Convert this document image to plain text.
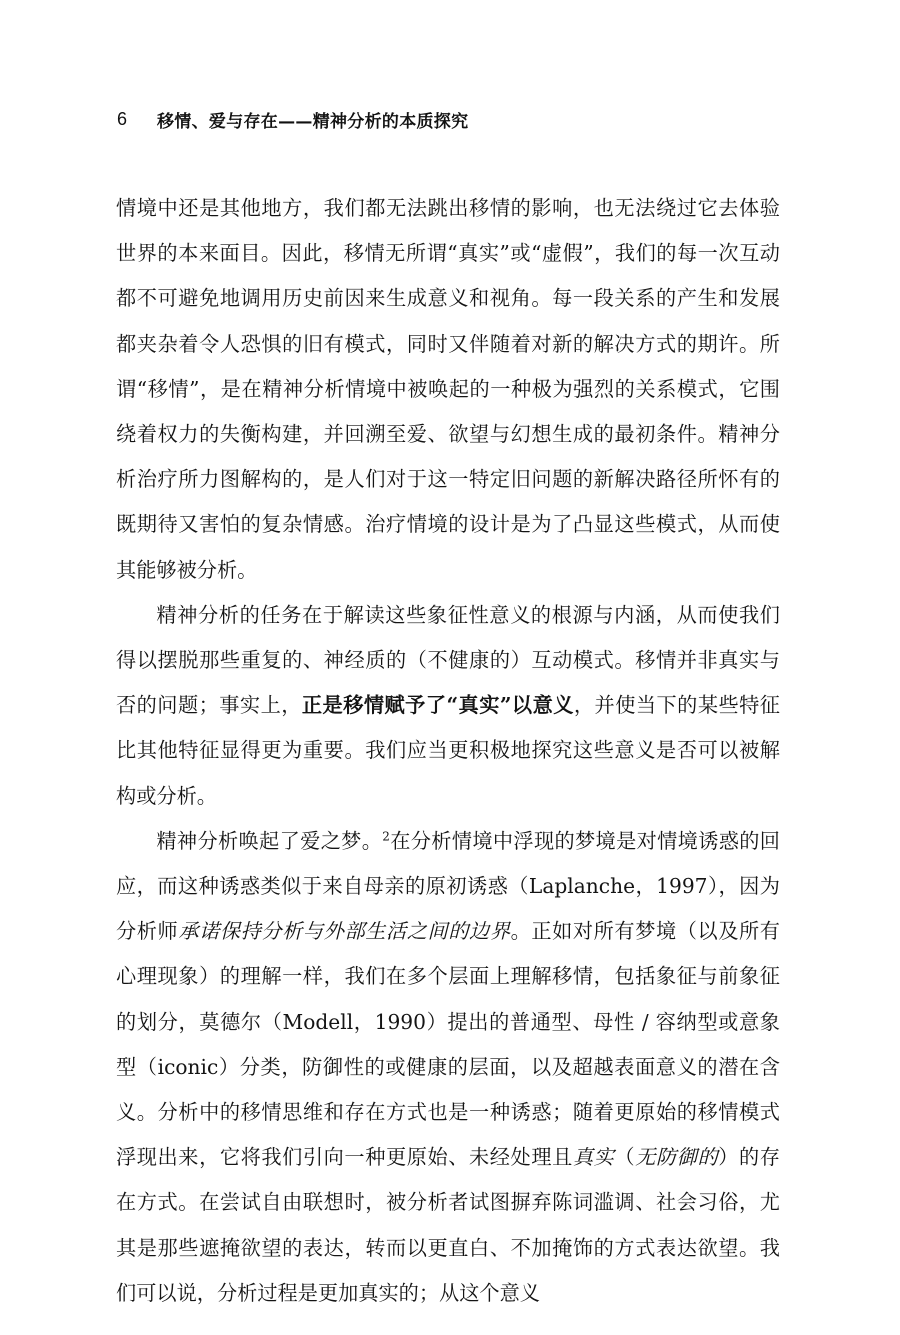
6	移情、爱与存在——精神分析的本质探究

情境中还是其他地方，我们都无法跳出移情的影响，也无法绕过它去体验世界的本来面目。因此，移情无所谓“真实”或“虚假”，我们的每一次互动都不可避免地调用历史前因来生成意义和视角。每一段关系的产生和发展都夹杂着令人恐惧的旧有模式，同时又伴随着对新的解决方式的期许。所谓“移情”，是在精神分析情境中被唤起的一种极为强烈的关系模式，它围绕着权力的失衡构建，并回溯至爱、欲望与幻想生成的最初条件。精神分析治疗所力图解构的，是人们对于这一特定旧问题的新解决路径所怀有的既期待又害怕的复杂情感。治疗情境的设计是为了凸显这些模式，从而使其能够被分析。

精神分析的任务在于解读这些象征性意义的根源与内涵，从而使我们得以摆脱那些重复的、神经质的（不健康的）互动模式。移情并非真实与否的问题；事实上，正是移情赋予了“真实”以意义，并使当下的某些特征比其他特征显得更为重要。我们应当更积极地探究这些意义是否可以被解构或分析。

精神分析唤起了爱之梦。$^2$在分析情境中浮现的梦境是对情境诱惑的回应，而这种诱惑类似于来自母亲的原初诱惑（Laplanche，1997），因为分析师承诺保持分析与外部生活之间的边界。正如对所有梦境（以及所有心理现象）的理解一样，我们在多个层面上理解移情，包括象征与前象征的划分，莫德尔（Modell，1990）提出的普通型、母性 / 容纳型或意象型（iconic）分类，防御性的或健康的层面，以及超越表面意义的潜在含义。分析中的移情思维和存在方式也是一种诱惑；随着更原始的移情模式浮现出来，它将我们引向一种更原始、未经处理且真实（无防御的）的存在方式。在尝试自由联想时，被分析者试图摒弃陈词滥调、社会习俗，尤其是那些遮掩欲望的表达，转而以更直白、不加掩饰的方式表达欲望。我们可以说，分析过程是更加真实的；从这个意义
